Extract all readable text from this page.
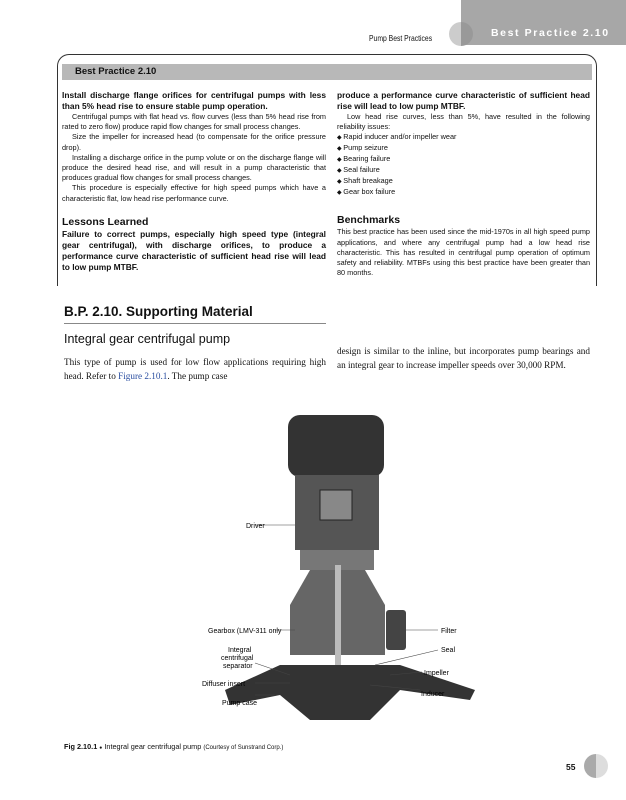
Best Practice 2.10
Pump Best Practices
Best Practice 2.10
Install discharge flange orifices for centrifugal pumps with less than 5% head rise to ensure stable pump operation.

Centrifugal pumps with flat head vs. flow curves (less than 5% head rise from rated to zero flow) produce rapid flow changes for small process changes.

Size the impeller for increased head (to compensate for the orifice pressure drop).

Installing a discharge orifice in the pump volute or on the discharge flange will produce the desired head rise, and will result in a pump characteristic that produces gradual flow changes for small process changes.

This procedure is especially effective for high speed pumps which have a characteristic flat, low head rise performance curve.

Lessons Learned
Failure to correct pumps, especially high speed type (integral gear centrifugal), with discharge orifices, to produce a performance curve characteristic of sufficient head rise will lead to low pump MTBF.
produce a performance curve characteristic of sufficient head rise will lead to low pump MTBF.

Low head rise curves, less than 5%, have resulted in the following reliability issues:

◆ Rapid inducer and/or impeller wear
◆ Pump seizure
◆ Bearing failure
◆ Seal failure
◆ Shaft breakage
◆ Gear box failure
Benchmarks

This best practice has been used since the mid-1970s in all high speed pump applications, and where any centrifugal pump had a low head rise characteristic. This has resulted in centrifugal pump operation of optimum safety and reliability. MTBFs using this best practice have been greater than 80 months.

B.P. 2.10. Supporting Material
Integral gear centrifugal pump
This type of pump is used for low flow applications requiring high head. Refer to Figure 2.10.1. The pump case
design is similar to the inline, but incorporates pump bearings and an integral gear to increase impeller speeds over 30,000 RPM.
Driver
Gearbox (LMV-311 only
Integral
centrifugal
separator
Diffuser insert
Pump case
Filter
Seal
Impeller
Inducer
Fig 2.10.1 ● Integral gear centrifugal pump (Courtesy of Sunstrand Corp.)
55
